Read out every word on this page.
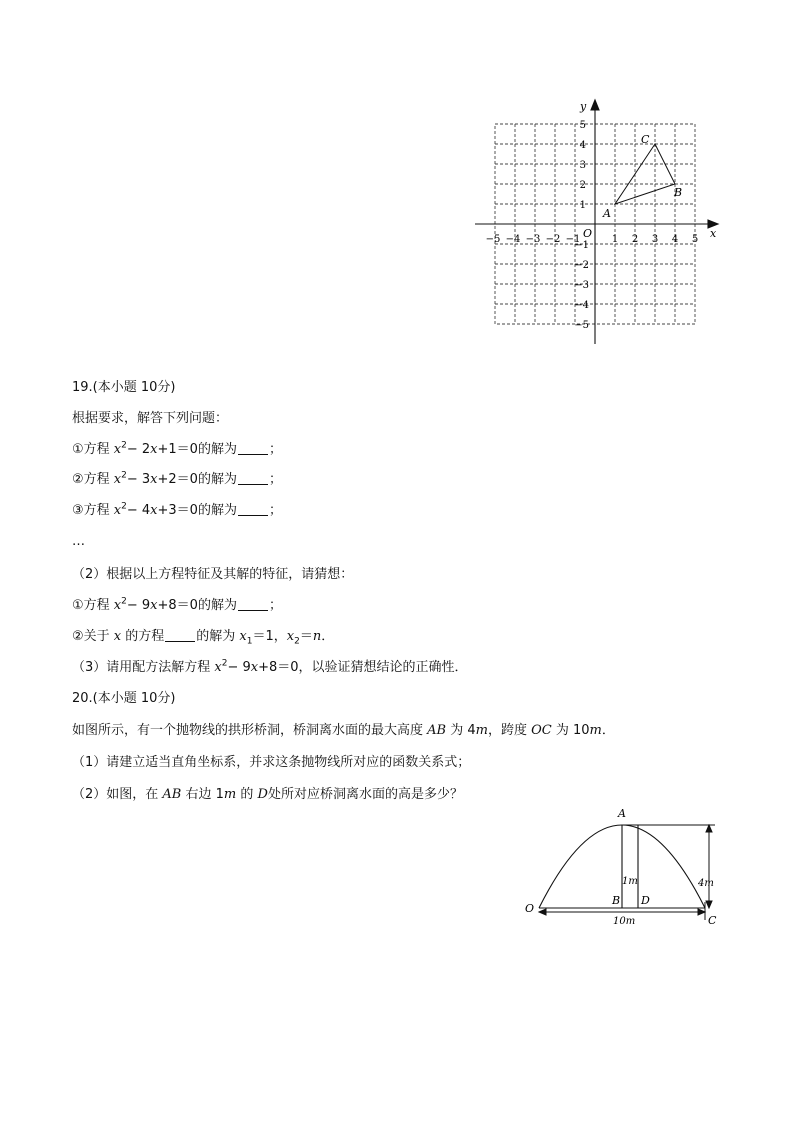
x
y
O
−5 −4 −3 −2 −1	1 2 3 4 5
5
4
3
2
1
−1
−2
−3
−4
−5
A
B
C
19.(本小题 10分)
根据要求，解答下列问题：
①方程 $x^2- 2x+1=0$的解为 ；
②方程 $x^2- 3x+2=0$的解为 ；
③方程 $x^2- 4x+3=0$的解为 ；
…
（2）根据以上方程特征及其解的特征，请猜想：
①方程 $x^2- 9x+8=0$的解为 ；
②关于 x 的方程 的解为 $x_1=1$，$x_2=n$．
（3）请用配方法解方程 $x^2- 9x+8=0$，以验证猜想结论的正确性．
20.(本小题 10分)
如图所示，有一个抛物线的拱形桥洞，桥洞离水面的最大高度 AB 为 4m，跨度 OC 为 10m．
（1）请建立适当直角坐标系，并求这条抛物线所对应的函数关系式；
（2）如图，在 AB 右边 1m 的 D处所对应桥洞离水面的高是多少？
A
B D
O
C
1m	4m
10m
